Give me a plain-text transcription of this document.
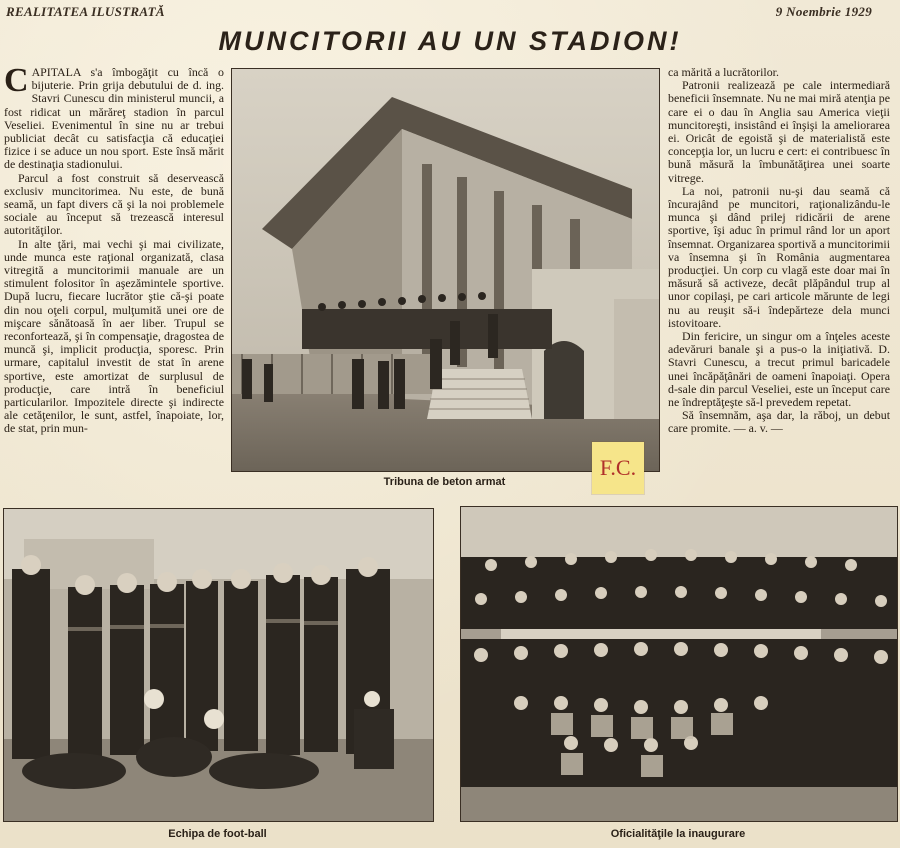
REALITATEA ILUSTRATĂ	9 Noembrie 1929
MUNCITORII AU UN STADION!

CAPITALA s'a îmbogăţit cu încă o bijuterie. Prin grija debutului de d. ing. Stavri Cunescu din ministerul muncii, a fost ridicat un mărăreţ stadion în parcul Veseliei. Evenimentul în sine nu ar trebui publiciat decât cu satisfacţia că educaţiei fizice i se aduce un nou sport. Este însă mărit de destinaţia stadionului.

Parcul a fost construit să deservească exclusiv muncitorimea. Nu este, de bună seamă, un fapt divers că şi la noi problemele sociale au început să trezească interesul autorităţilor.

In alte ţări, mai vechi şi mai civilizate, unde munca este raţional organizată, clasa vitregită a muncitorimii manuale are un stimulent folositor în aşezămintele sportive. După lucru, fiecare lucrător ştie că-şi poate din nou oţeli corpul, mulţumită unei ore de mişcare sănătoasă în aer liber. Trupul se reconfortează, şi în compensaţie, dragostea de muncă şi, implicit producţia, sporesc. Prin urmare, capitalul investit de stat în arene sportive, este amortizat de surplusul de producţie, care intră în beneficiul particularilor. Impozitele directe şi indirecte ale cetăţenilor, le sunt, astfel, înapoiate, lor, de stat, prin mun-

Tribuna de beton armat

ca mărită a lucrătorilor.

Patronii realizează pe cale intermediară beneficii însemnate. Nu ne mai miră atenţia pe care ei o dau în Anglia sau America vieţii muncitoreşti, insistând ei înşişi la ameliorarea ei. Oricât de egoistă şi de materialistă este concepţia lor, un lucru e cert: ei contribuesc în bună măsură la îmbunătăţirea unei soarte vitrege.

La noi, patronii nu-şi dau seamă că încurajând pe muncitori, raţionalizându-le munca şi dând prilej ridicării de arene sportive, îşi aduc în primul rând lor un aport însemnat. Organizarea sportivă a muncitorimii va însemna şi în România augmentarea producţiei. Un corp cu vlagă este doar mai în măsură să activeze, decât plăpândul trup al unor copilaşi, pe cari articole mărunte de legi nu au reuşit să-i îndepărteze dela munci istovitoare.

Din fericire, un singur om a înţeles aceste adevăruri banale şi a pus-o la iniţiativă. D. Stavri Cunescu, a trecut primul baricadele unei încăpăţânări de oameni înapoiaţi. Opera d-sale din parcul Veseliei, este un început care ne îndreptăţeşte să-l prevedem repetat.

Să însemnăm, aşa dar, la răboj, un debut care promite. — a. v. —

F.C.
Echipa de foot-ball	Oficialităţile la inaugurare
